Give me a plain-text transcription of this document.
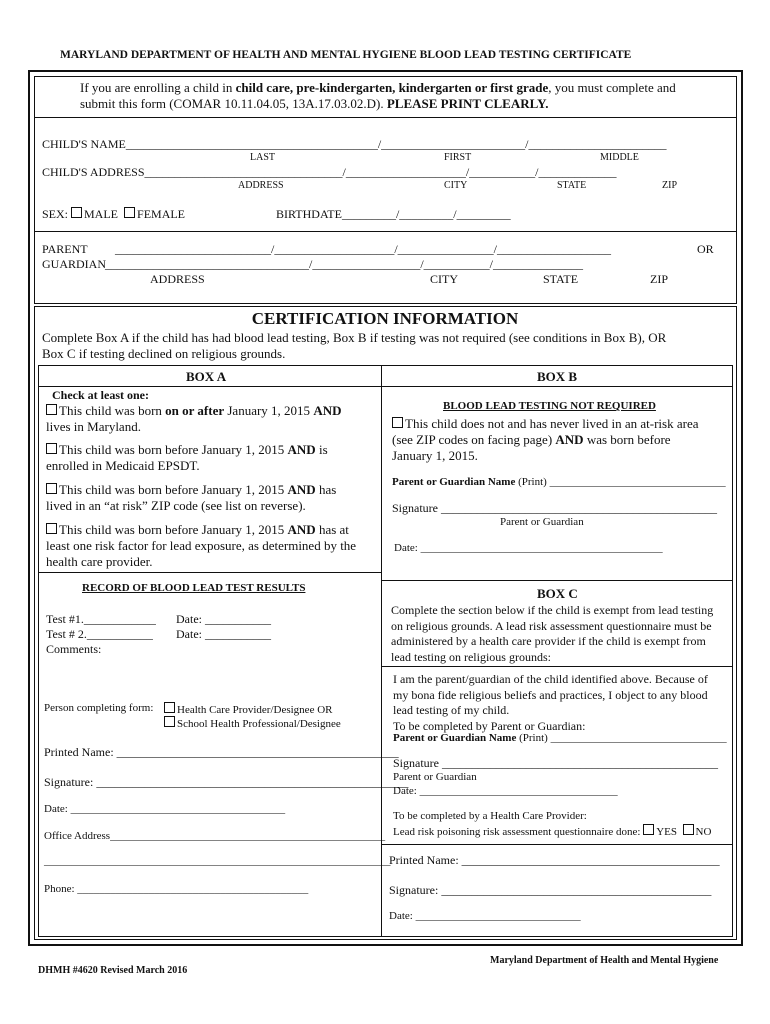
MARYLAND DEPARTMENT OF HEALTH AND MENTAL HYGIENE BLOOD LEAD TESTING CERTIFICATE
If you are enrolling a child in child care, pre-kindergarten, kindergarten or first grade, you must complete and
submit this form (COMAR 10.11.04.05, 13A.17.03.02.D). PLEASE PRINT CLEARLY.
CHILD'S NAME__________________________________________/________________________/_______________________
LAST	FIRST	MIDDLE
CHILD'S ADDRESS_________________________________/____________________/___________/_____________
ADDRESS	CITY	STATE	ZIP
SEX: MALE FEMALE	BIRTHDATE_________/_________/_________
PARENT __________________________/____________________/________________/___________________	OR
GUARDIAN __________________________________/__________________/___________/_______________
ADDRESS	CITY	STATE	ZIP
CERTIFICATION INFORMATION
Complete Box A if the child has had blood lead testing, Box B if testing was not required (see conditions in Box B), OR
Box C if testing declined on religious grounds.
BOX A
Check at least one:
This child was born on or after January 1, 2015 AND
lives in Maryland.
This child was born before January 1, 2015 AND is
enrolled in Medicaid EPSDT.
This child was born before January 1, 2015 AND has
lived in an “at risk” ZIP code (see list on reverse).
This child was born before January 1, 2015 AND has at
least one risk factor for lead exposure, as determined by the
health care provider.
RECORD OF BLOOD LEAD TEST RESULTS
Test #1.____________ Date: ___________
Test # 2.___________ Date: ___________
Comments:
Person completing form:	Health Care Provider/Designee OR
School Health Professional/Designee
Printed Name: _______________________________________________
Signature: ____________________________________________________
Date: _______________________________________
Office Address__________________________________________________
_______________________________________________________________
Phone: __________________________________________
BOX B
BLOOD LEAD TESTING NOT REQUIRED
This child does not and has never lived in an at-risk area
(see ZIP codes on facing page) AND was born before
January 1, 2015.
Parent or Guardian Name (Print) ________________________________
Signature ______________________________________________
Parent or Guardian
Date: ____________________________________________
BOX C
Complete the section below if the child is exempt from lead testing
on religious grounds. A lead risk assessment questionnaire must be
administered by a health care provider if the child is exempt from
lead testing on religious grounds:
I am the parent/guardian of the child identified above. Because of
my bona fide religious beliefs and practices, I object to any blood
lead testing of my child.
To be completed by Parent or Guardian:
Parent or Guardian Name (Print) ________________________________
Signature ______________________________________________
Parent or Guardian
Date: ____________________________________
To be completed by a Health Care Provider:
Lead risk poisoning risk assessment questionnaire done: YES NO
Printed Name: ___________________________________________
Signature: _____________________________________________
Date: ______________________________
Maryland Department of Health and Mental Hygiene
DHMH #4620 Revised March 2016
